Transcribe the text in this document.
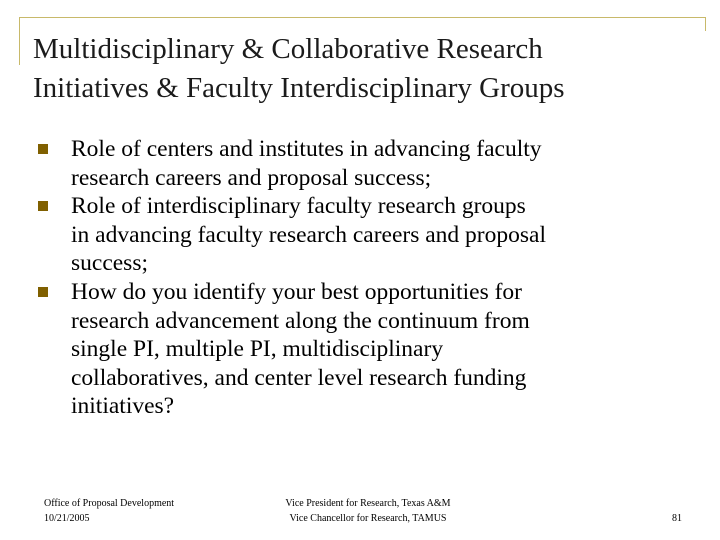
Multidisciplinary & Collaborative Research
Initiatives & Faculty Interdisciplinary Groups
Role of centers and institutes in advancing faculty
research careers and proposal success;
Role of interdisciplinary faculty research groups
in advancing faculty research careers and proposal
success;
How do you identify your best opportunities for
research advancement along the continuum from
single PI, multiple PI, multidisciplinary
collaboratives, and center level research funding
initiatives?
Office of Proposal Development
10/21/2005
Vice President for Research, Texas A&M
Vice Chancellor for Research, TAMUS	81
